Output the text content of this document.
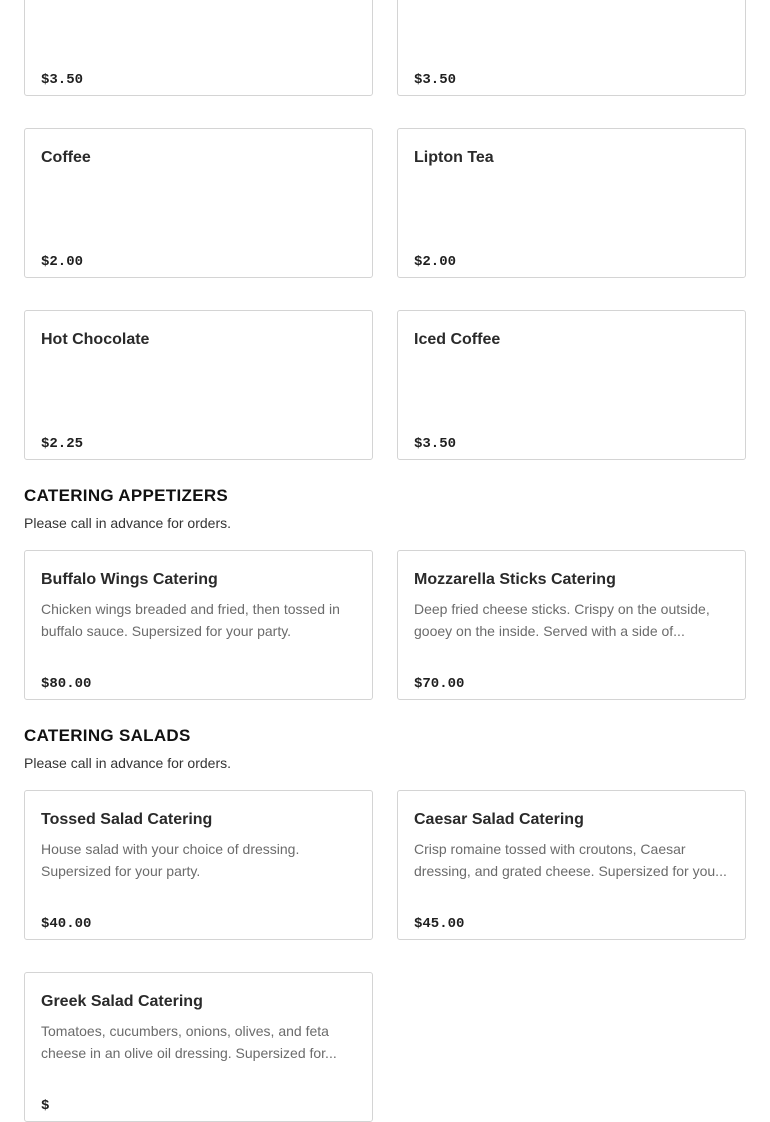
$3.50	$3.50
Coffee
$2.00
Lipton Tea
$2.00
Hot Chocolate
$2.25
Iced Coffee
$3.50
CATERING APPETIZERS
Please call in advance for orders.
Buffalo Wings Catering
Chicken wings breaded and fried, then tossed in buffalo sauce. Supersized for your party.
$80.00
Mozzarella Sticks Catering
Deep fried cheese sticks. Crispy on the outside, gooey on the inside. Served with a side of...
$70.00
CATERING SALADS
Please call in advance for orders.
Tossed Salad Catering
House salad with your choice of dressing. Supersized for your party.
$40.00
Caesar Salad Catering
Crisp romaine tossed with croutons, Caesar dressing, and grated cheese. Supersized for you...
$45.00
Greek Salad Catering
Tomatoes, cucumbers, onions, olives, and feta cheese in an olive oil dressing. Supersized for...
$
